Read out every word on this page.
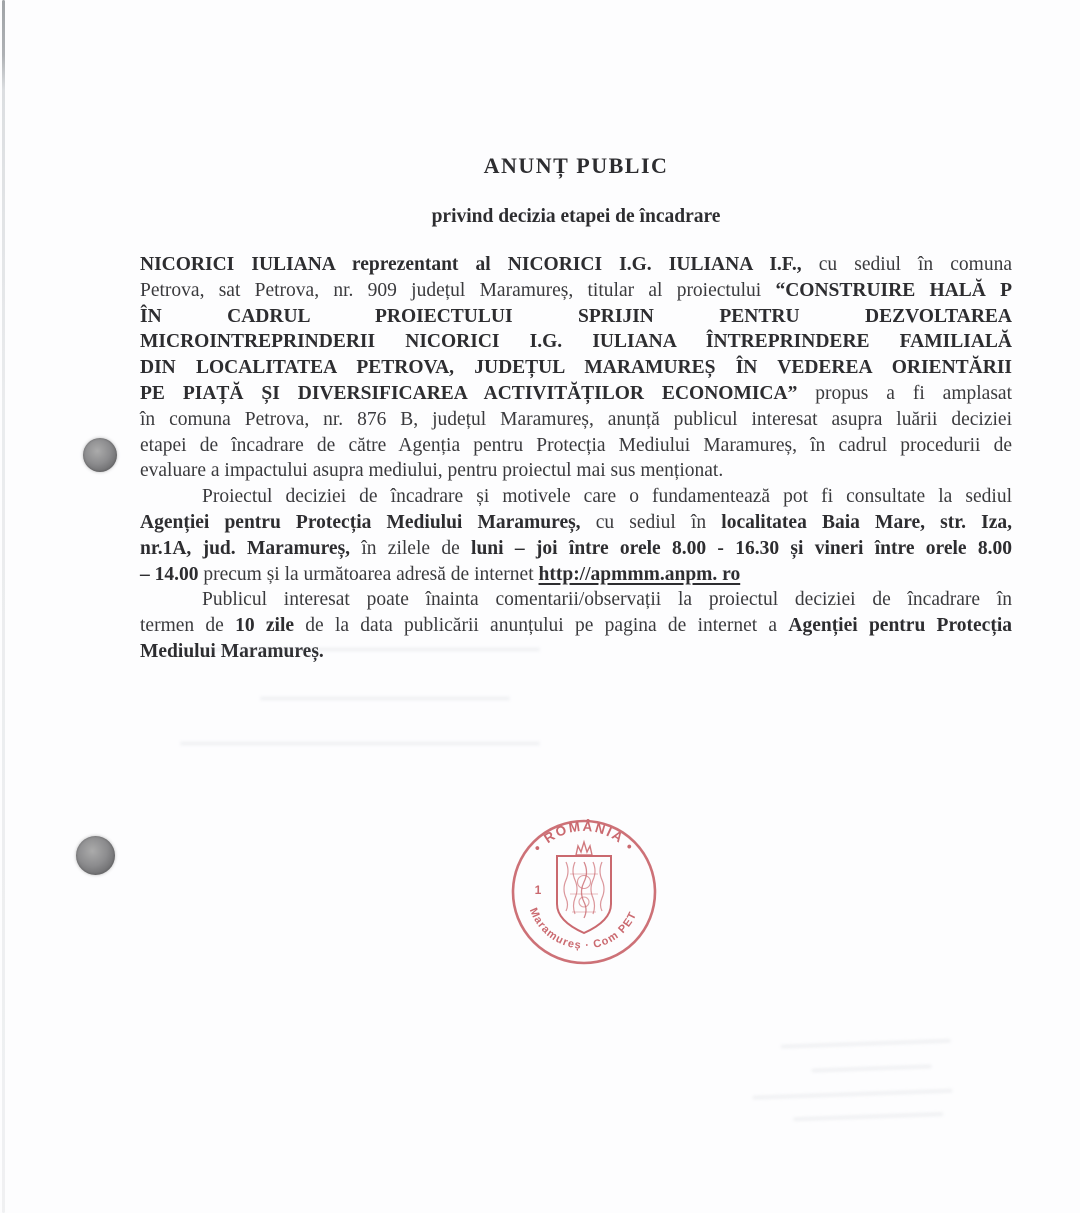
ANUNȚ PUBLIC
privind decizia etapei de încadrare
NICORICI IULIANA reprezentant al NICORICI I.G. IULIANA I.F., cu sediul în comuna
Petrova, sat Petrova, nr. 909 județul Maramureș, titular al proiectului “CONSTRUIRE HALĂ P
ÎN CADRUL PROIECTULUI SPRIJIN PENTRU DEZVOLTAREA
MICROINTREPRINDERII NICORICI I.G. IULIANA ÎNTREPRINDERE FAMILIALĂ
DIN LOCALITATEA PETROVA, JUDEȚUL MARAMUREȘ ÎN VEDEREA ORIENTĂRII
PE PIAȚĂ ȘI DIVERSIFICAREA ACTIVITĂȚILOR ECONOMICA” propus a fi amplasat
în comuna Petrova, nr. 876 B, județul Maramureș, anunță publicul interesat asupra luării deciziei
etapei de încadrare de către Agenția pentru Protecția Mediului Maramureș, în cadrul procedurii de
evaluare a impactului asupra mediului, pentru proiectul mai sus menționat.
Proiectul deciziei de încadrare și motivele care o fundamentează pot fi consultate la sediul
Agenției pentru Protecția Mediului Maramureș, cu sediul în localitatea Baia Mare, str. Iza,
nr.1A, jud. Maramureș, în zilele de luni – joi între orele 8.00 - 16.30 și vineri între orele 8.00
– 14.00 precum și la următoarea adresă de internet http://apmmm.anpm. ro
Publicul interesat poate înainta comentarii/observații la proiectul deciziei de încadrare în
termen de 10 zile de la data publicării anunțului pe pagina de internet a Agenției pentru Protecția
Mediului Maramureș.
• ROMÂNIA •
Jud. Maramureș · Com PETROVA
1
